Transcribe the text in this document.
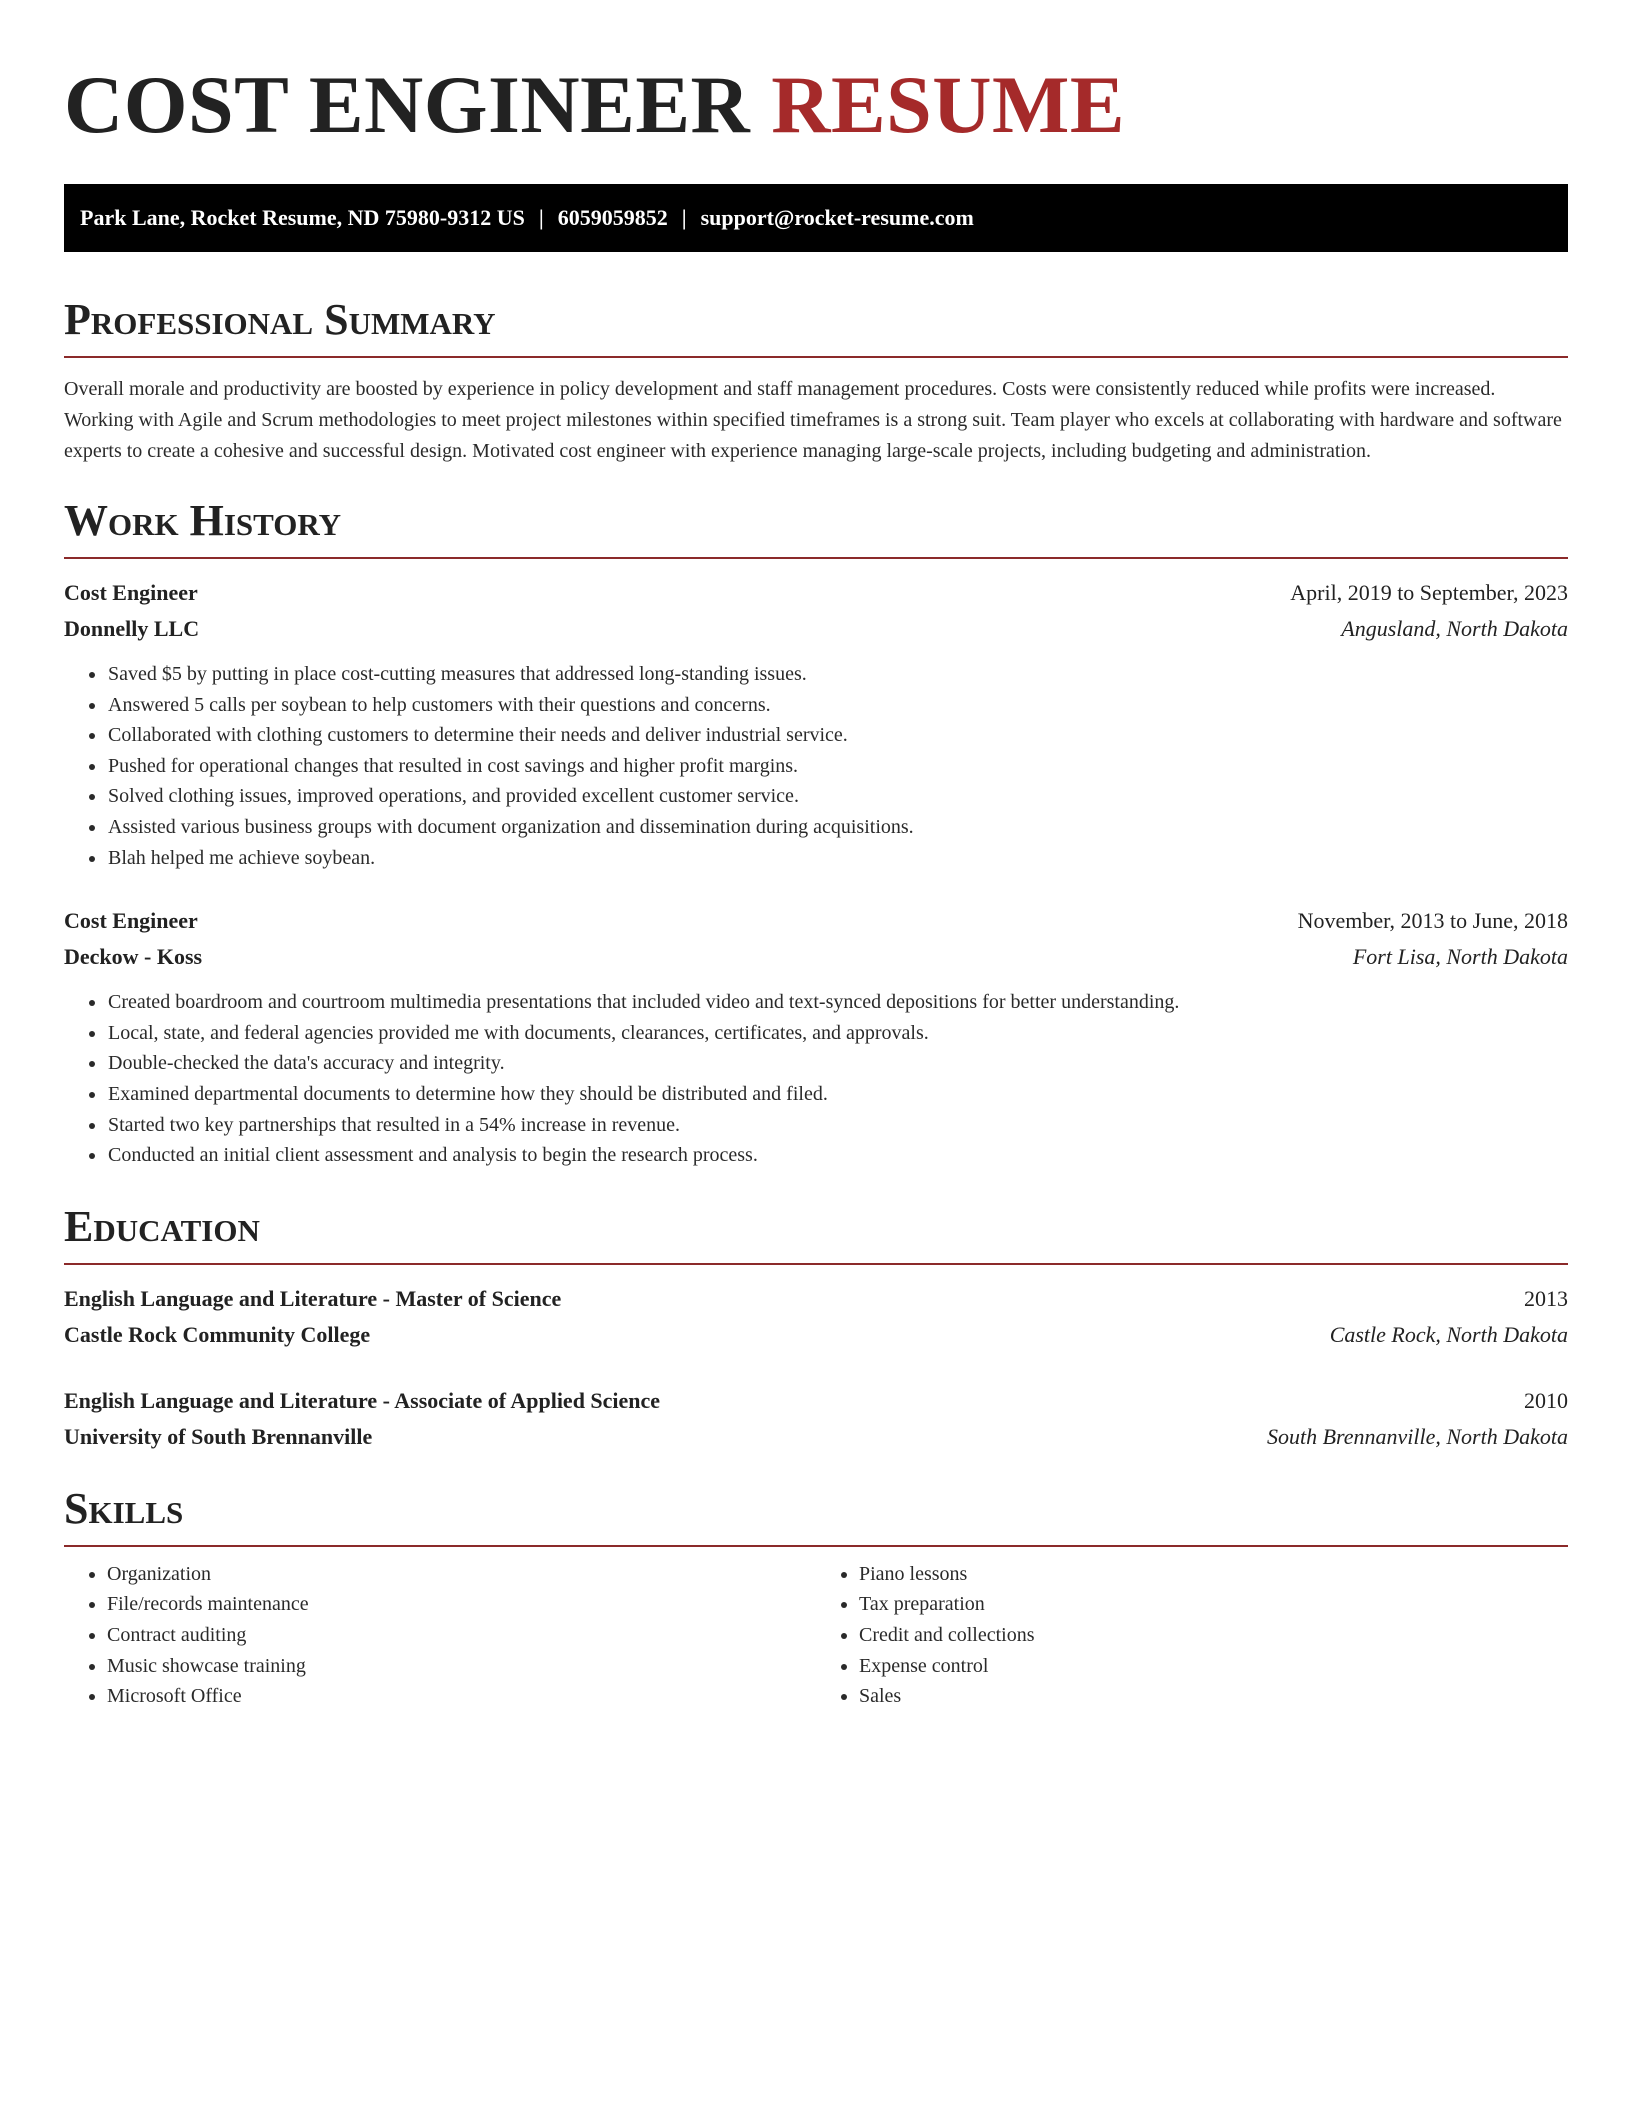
COST ENGINEER RESUME
Park Lane, Rocket Resume, ND 75980-9312 US | 6059059852 | support@rocket-resume.com
Professional Summary

Overall morale and productivity are boosted by experience in policy development and staff management procedures. Costs were consistently reduced while profits were increased. Working with Agile and Scrum methodologies to meet project milestones within specified timeframes is a strong suit. Team player who excels at collaborating with hardware and software experts to create a cohesive and successful design. Motivated cost engineer with experience managing large-scale projects, including budgeting and administration.

Work History
Cost Engineer	April, 2019 to September, 2023
Donnelly LLC	Angusland, North Dakota
• Saved $5 by putting in place cost-cutting measures that addressed long-standing issues.
• Answered 5 calls per soybean to help customers with their questions and concerns.
• Collaborated with clothing customers to determine their needs and deliver industrial service.
• Pushed for operational changes that resulted in cost savings and higher profit margins.
• Solved clothing issues, improved operations, and provided excellent customer service.
• Assisted various business groups with document organization and dissemination during acquisitions.
• Blah helped me achieve soybean.
Cost Engineer	November, 2013 to June, 2018
Deckow - Koss	Fort Lisa, North Dakota
• Created boardroom and courtroom multimedia presentations that included video and text-synced depositions for better understanding.
• Local, state, and federal agencies provided me with documents, clearances, certificates, and approvals.
• Double-checked the data's accuracy and integrity.
• Examined departmental documents to determine how they should be distributed and filed.
• Started two key partnerships that resulted in a 54% increase in revenue.
• Conducted an initial client assessment and analysis to begin the research process.
Education
English Language and Literature - Master of Science	2013
Castle Rock Community College	Castle Rock, North Dakota
English Language and Literature - Associate of Applied Science	2010
University of South Brennanville	South Brennanville, North Dakota
Skills
• Organization
• File/records maintenance
• Contract auditing
• Music showcase training
• Microsoft Office
• Piano lessons
• Tax preparation
• Credit and collections
• Expense control
• Sales
